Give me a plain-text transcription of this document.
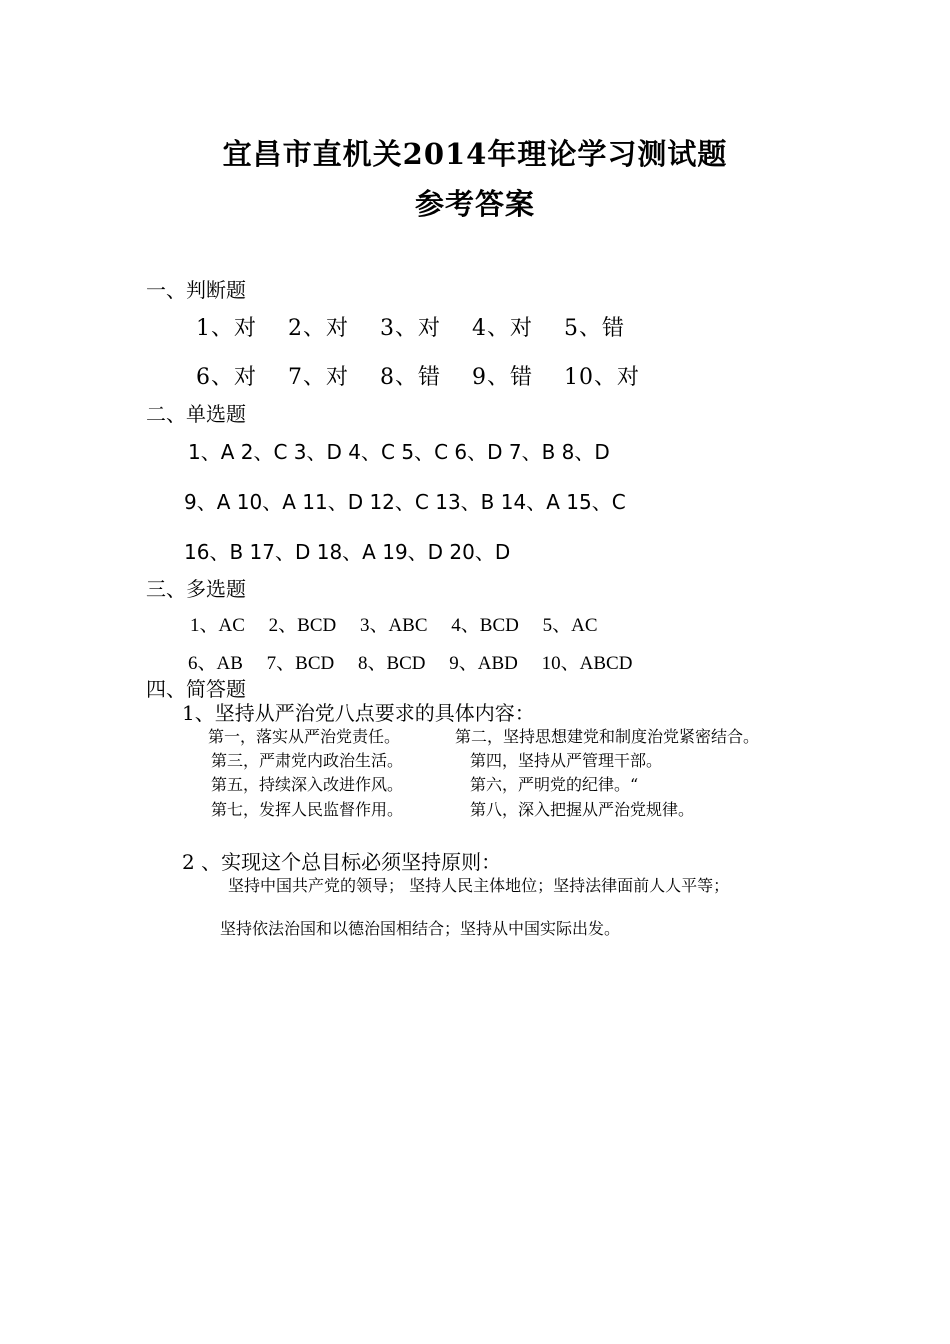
宜昌市直机关2014年理论学习测试题
参考答案
一、判断题
1、对　 2、对　 3、对　 4、对　 5、错
6、对　 7、对　 8、错　 9、错　 10、对
二、单选题
1、A 2、C 3、D 4、C 5、C 6、D 7、B 8、D
9、A 10、A 11、D 12、C 13、B 14、A 15、C
16、B 17、D 18、A 19、D 20、D
三、多选题
1、AC　 2、BCD　 3、ABC　 4、BCD　 5、AC
6、AB　 7、BCD　 8、BCD　 9、ABD　 10、ABCD
四、简答题
1、坚持从严治党八点要求的具体内容：
第一，落实从严治党责任。	第二，坚持思想建党和制度治党紧密结合。
第三，严肃党内政治生活。	第四，坚持从严管理干部。
第五，持续深入改进作风。	第六，严明党的纪律。“
第七，发挥人民监督作用。	第八，深入把握从严治党规律。
2 、实现这个总目标必须坚持原则：
坚持中国共产党的领导； 坚持人民主体地位；坚持法律面前人人平等；
坚持依法治国和以德治国相结合；坚持从中国实际出发。
